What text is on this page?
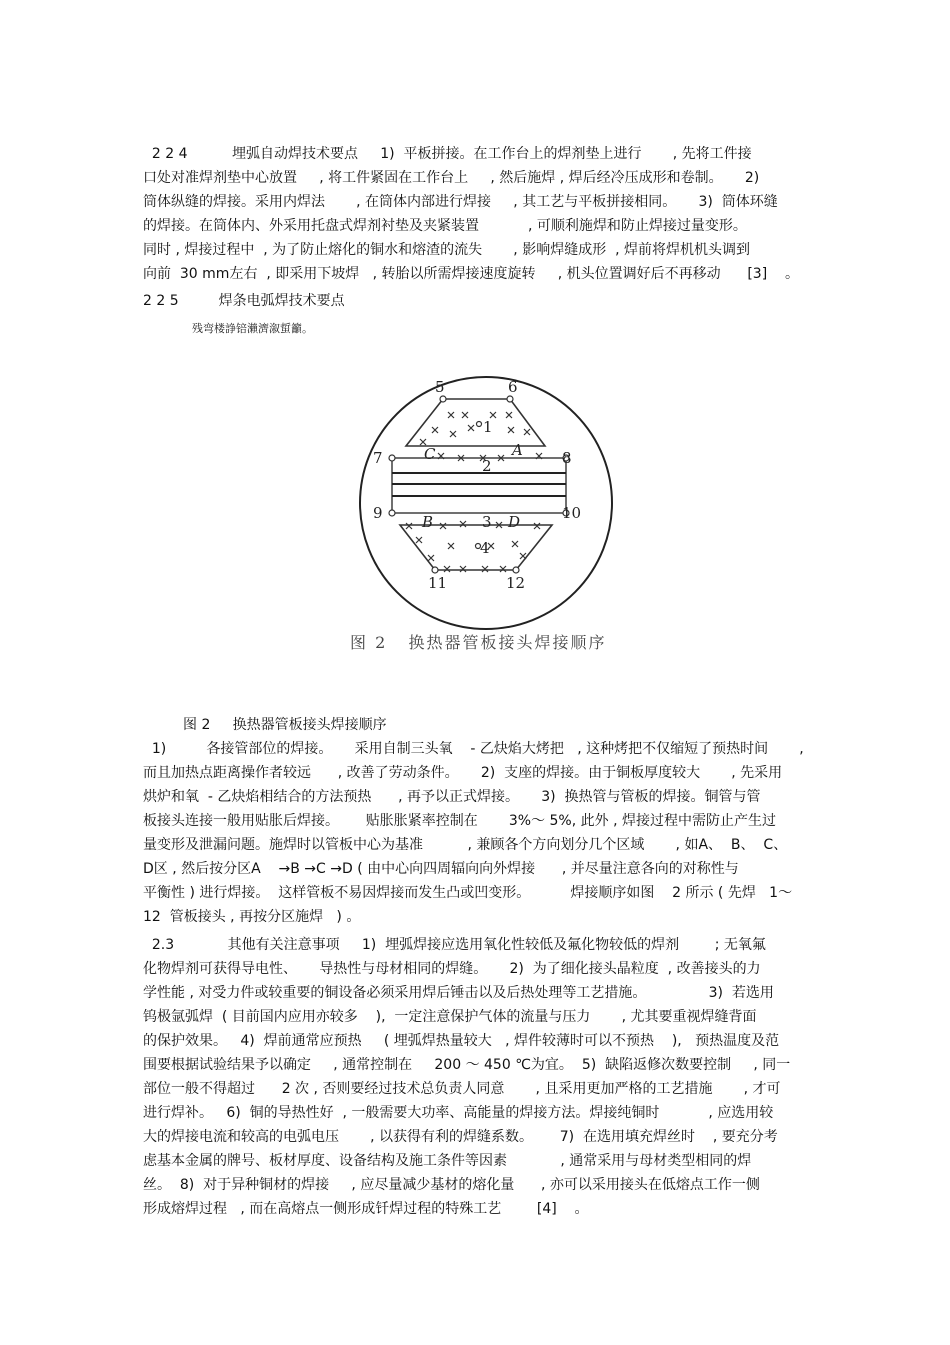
2 2 4          埋弧自动焊技术要点     1)  平板拼接。在工作台上的焊剂垫上进行       , 先将工件接
口处对准焊剂垫中心放置     , 将工件紧固在工作台上     , 然后施焊 , 焊后经冷压成形和卷制。     2)
筒体纵缝的焊接。采用内焊法       , 在筒体内部进行焊接     , 其工艺与平板拼接相同。     3)  筒体环缝
的焊接。在筒体内、外采用托盘式焊剂衬垫及夹紧装置           , 可顺利施焊和防止焊接过量变形。
同时 , 焊接过程中  , 为了防止熔化的铜水和熔渣的流失       , 影响焊缝成形  , 焊前将焊机机头调到
向前  30 mm左右  , 即采用下坡焊   , 转胎以所需焊接速度旋转     , 机头位置调好后不再移动      [3]    。
2 2 5         焊条电弧焊技术要点
残弯楼諍锫瀨濟溆蜇籲。
5	6
1
7	C	A	8
2
9	B	3 D	10
4
11	12
图 2   换热器管板接头焊接顺序
图 2     换热器管板接头焊接顺序
1)         各接管部位的焊接。     采用自制三头氧    - 乙炔焰大烤把   , 这种烤把不仅缩短了预热时间       ,
而且加热点距离操作者较远      , 改善了劳动条件。     2)  支座的焊接。由于铜板厚度较大       , 先采用
烘炉和氧  - 乙炔焰相结合的方法预热      , 再予以正式焊接。     3)  换热管与管板的焊接。铜管与管
板接头连接一般用贴胀后焊接。      贴胀胀紧率控制在       3%～ 5%, 此外 , 焊接过程中需防止产生过
量变形及泄漏问题。施焊时以管板中心为基准          , 兼顾各个方向划分几个区域       , 如A、  B、  C、
D区 , 然后按分区A    →B →C →D ( 由中心向四周辐向向外焊接      , 并尽量注意各向的对称性与
平衡性 ) 进行焊接。  这样管板不易因焊接而发生凸或凹变形。         焊接顺序如图    2 所示 ( 先焊   1～
12  管板接头 , 再按分区施焊   ) 。
2.3            其他有关注意事项     1)  埋弧焊接应选用氧化性较低及氟化物较低的焊剂        ; 无氧氟
化物焊剂可获得导电性、     导热性与母材相同的焊缝。     2)  为了细化接头晶粒度  , 改善接头的力
学性能 , 对受力件或较重要的铜设备必须采用焊后锤击以及后热处理等工艺措施。              3)  若选用
钨极氩弧焊  ( 目前国内应用亦较多    ),  一定注意保护气体的流量与压力       , 尤其要重视焊缝背面
的保护效果。   4)  焊前通常应预热     ( 埋弧焊热量较大   , 焊件较薄时可以不预热    ),   预热温度及范
围要根据试验结果予以确定     , 通常控制在     200 ～ 450 ℃为宜。  5)  缺陷返修次数要控制     , 同一
部位一般不得超过      2 次 , 否则要经过技术总负责人同意       , 且采用更加严格的工艺措施       , 才可
进行焊补。   6)  铜的导热性好  , 一般需要大功率、高能量的焊接方法。焊接纯铜时           , 应选用较
大的焊接电流和较高的电弧电压       , 以获得有利的焊缝系数。      7)  在选用填充焊丝时    , 要充分考
虑基本金属的牌号、板材厚度、设备结构及施工条件等因素            , 通常采用与母材类型相同的焊
丝。  8)  对于异种铜材的焊接     , 应尽量减少基材的熔化量      , 亦可以采用接头在低熔点工作一侧
形成熔焊过程   , 而在高熔点一侧形成钎焊过程的特殊工艺        [4]    。
